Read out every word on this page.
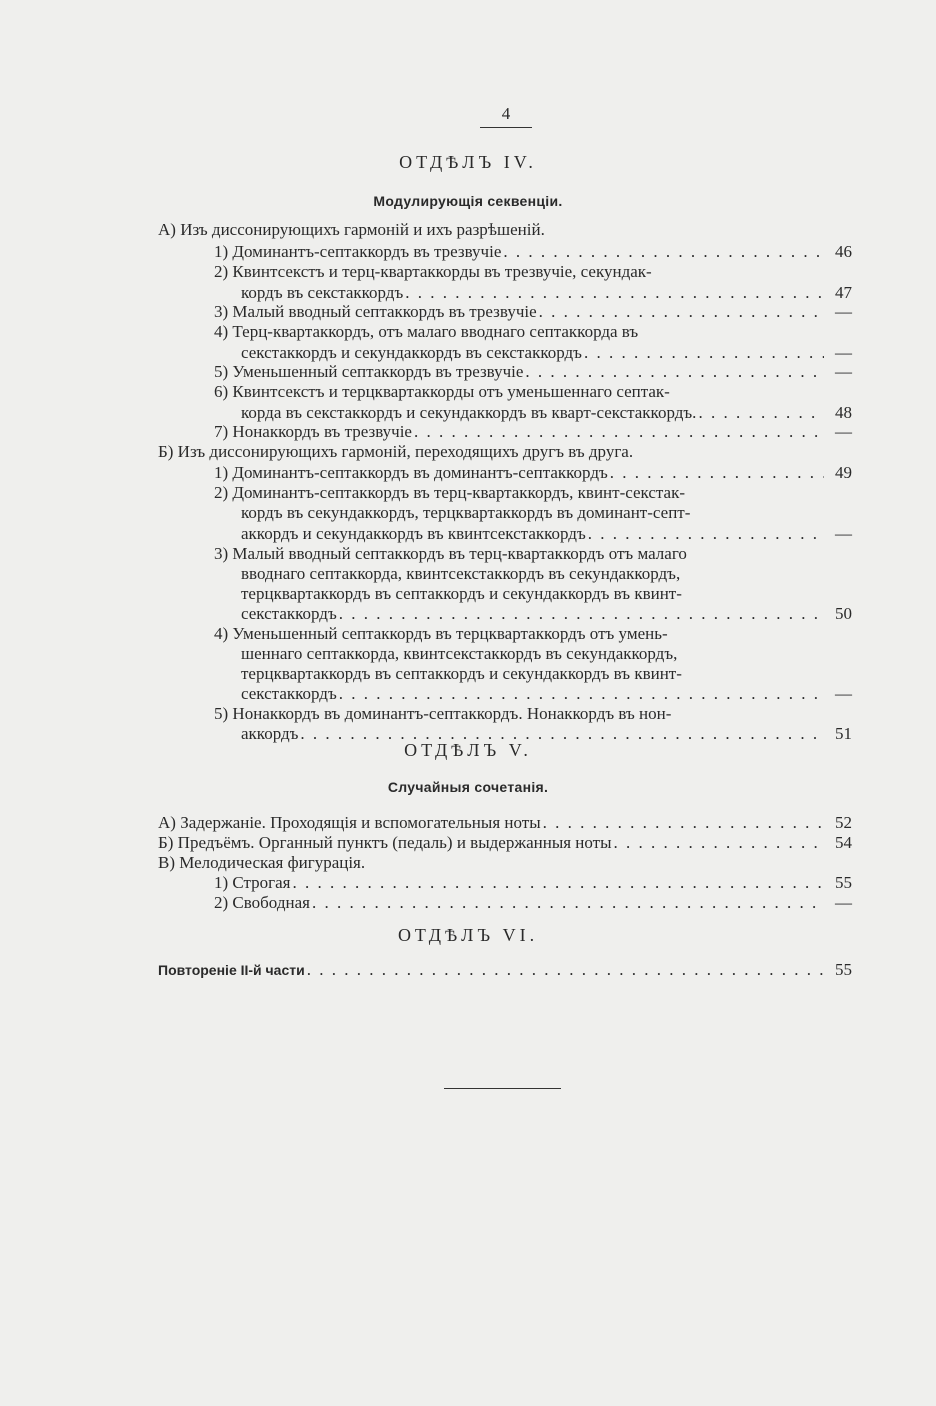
4
ОТДѢЛЪ IV.
Модулирующія секвенціи.
А) Изъ диссонирующихъ гармоній и ихъ разрѣшеній.
1) Доминантъ-септаккордъ въ трезвучіе . . .	46
2) Квинтсекстъ и терц-квартаккорды въ трезвучіе, секундак-
кордъ въ секстаккордъ . . .	47
3) Малый вводный септаккордъ въ трезвучіе . . .	—
4) Терц-квартаккордъ, отъ малаго вводнаго септаккорда въ
секстаккордъ и секундаккордъ въ секстаккордъ . . .	—
5) Уменьшенный септаккордъ въ трезвучіе . . .	—
6) Квинтсекстъ и терцквартаккорды отъ уменьшеннаго септак-
корда въ секстаккордъ и секундаккордъ въ кварт-секстаккордъ. . . .	48
7) Нонаккордъ въ трезвучіе . . .	—
Б) Изъ диссонирующихъ гармоній, переходящихъ другъ въ друга.
1) Доминантъ-септаккордъ въ доминантъ-септаккордъ . . .	49
2) Доминантъ-септаккордъ въ терц-квартаккордъ, квинт-секстак-
кордъ въ секундаккордъ, терцквартаккордъ въ доминант-септ-
аккордъ и секундаккордъ въ квинтсекстаккордъ . . .	—
3) Малый вводный септаккордъ въ терц-квартаккордъ отъ малаго
вводнаго септаккорда, квинтсекстаккордъ въ секундаккордъ,
терцквартаккордъ въ септаккордъ и секундаккордъ въ квинт-
секстаккордъ . . .	50
4) Уменьшенный септаккордъ въ терцквартаккордъ отъ умень-
шеннаго септаккорда, квинтсекстаккордъ въ секундаккордъ,
терцквартаккордъ въ септаккордъ и секундаккордъ въ квинт-
секстаккордъ . . .	—
5) Нонаккордъ въ доминантъ-септаккордъ. Нонаккордъ въ нон-
аккордъ . . .	51
ОТДѢЛЪ V.
Случайныя сочетанія.
А) Задержаніе. Проходящія и вспомогательныя ноты . . .	52
Б) Предъёмъ. Органный пунктъ (педаль) и выдержанныя ноты . . .	54
В) Мелодическая фигурація.
1) Строгая . . .	55
2) Свободная . . .	—
ОТДѢЛЪ VI.
Повтореніе II-й части . . .	55
